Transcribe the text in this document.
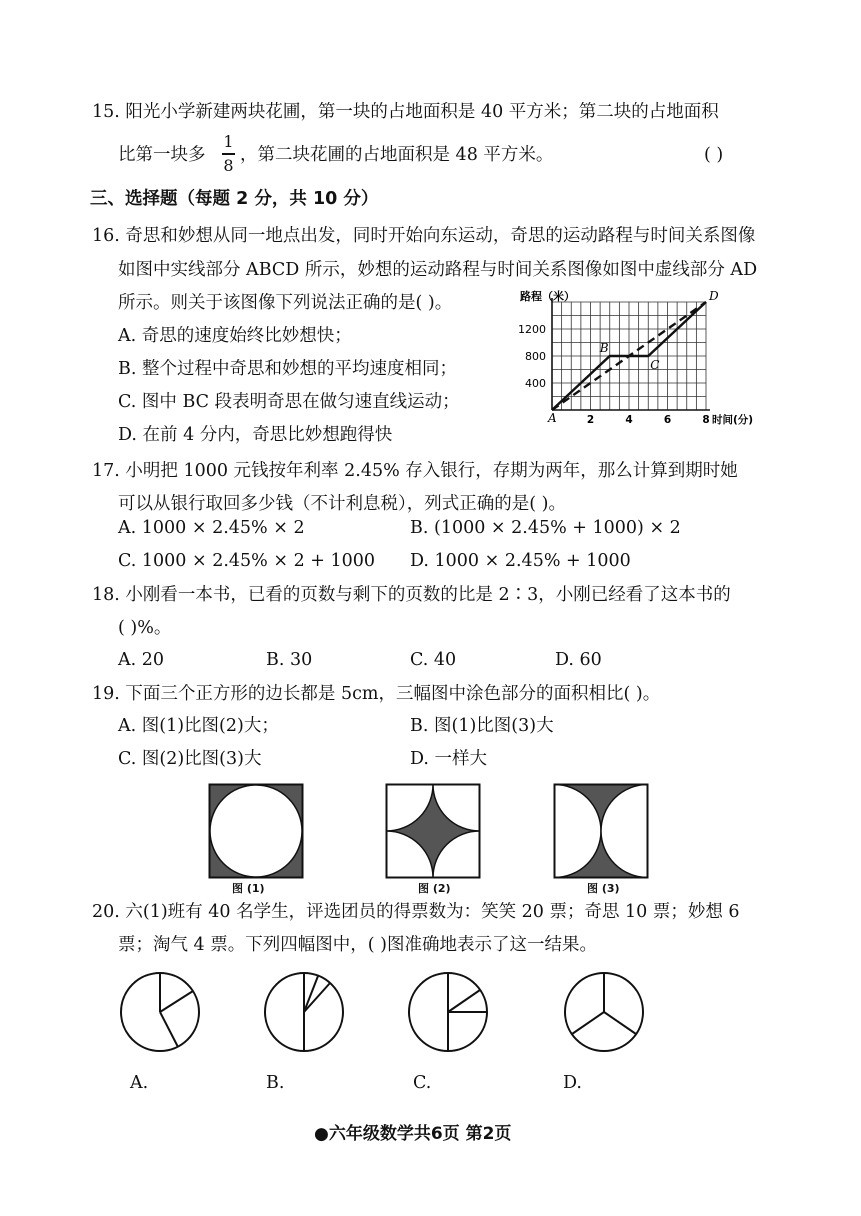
15. 阳光小学新建两块花圃，第一块的占地面积是 40 平方米；第二块的占地面积
比第一块多
1
8 ，第二块花圃的占地面积是 48 平方米。	( )
三、选择题（每题 2 分，共 10 分）
16. 奇思和妙想从同一地点出发，同时开始向东运动，奇思的运动路程与时间关系图像
如图中实线部分 ABCD 所示，妙想的运动路程与时间关系图像如图中虚线部分 AD
所示。则关于该图像下列说法正确的是( )。
A. 奇思的速度始终比妙想快；
B. 整个过程中奇思和妙想的平均速度相同；
C. 图中 BC 段表明奇思在做匀速直线运动；
D. 在前 4 分内，奇思比妙想跑得快
2	4	6	8
400
800
1200
路程（米）
时间(分)
A
B
C
D
17. 小明把 1000 元钱按年利率 2.45% 存入银行，存期为两年，那么计算到期时她
可以从银行取回多少钱（不计利息税），列式正确的是( )。
A. 1000 × 2.45% × 2	B. (1000 × 2.45% + 1000) × 2
C. 1000 × 2.45% × 2 + 1000 D. 1000 × 2.45% + 1000
18. 小刚看一本书，已看的页数与剩下的页数的比是 2∶3，小刚已经看了这本书的
( )%。
A. 20	B. 30	C. 40	D. 60
19. 下面三个正方形的边长都是 5cm，三幅图中涂色部分的面积相比( )。
A. 图(1)比图(2)大；	B. 图(1)比图(3)大
C. 图(2)比图(3)大	D. 一样大
图 (1)	图 (2)	图 (3)
20. 六(1)班有 40 名学生，评选团员的得票数为：笑笑 20 票；奇思 10 票；妙想 6
票；淘气 4 票。下列四幅图中，( )图准确地表示了这一结果。
A.	B.	C.	D.
●六年级数学共6页 第2页
